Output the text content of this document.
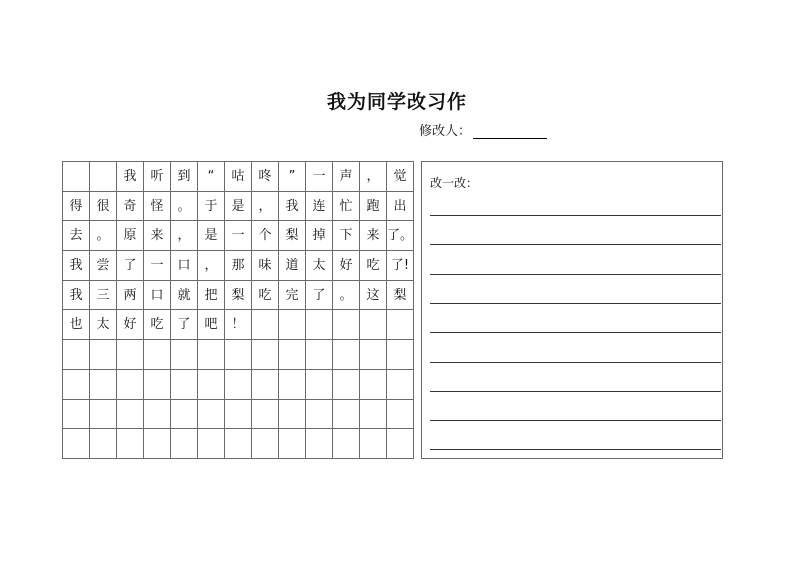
我为同学改习作
修改人：
		我	听	到	“	咕	咚	”	一	声	，	觉
得	很	奇	怪	。	于	是	，	我	连	忙	跑	出
去	。	原	来	，	是	一	个	梨	掉	下	来	了。
我	尝	了	一	口	，	那	味	道	太	好	吃	了!
我	三	两	口	就	把	梨	吃	完	了	。	这	梨
也	太	好	吃	了	吧	！						

改一改：
